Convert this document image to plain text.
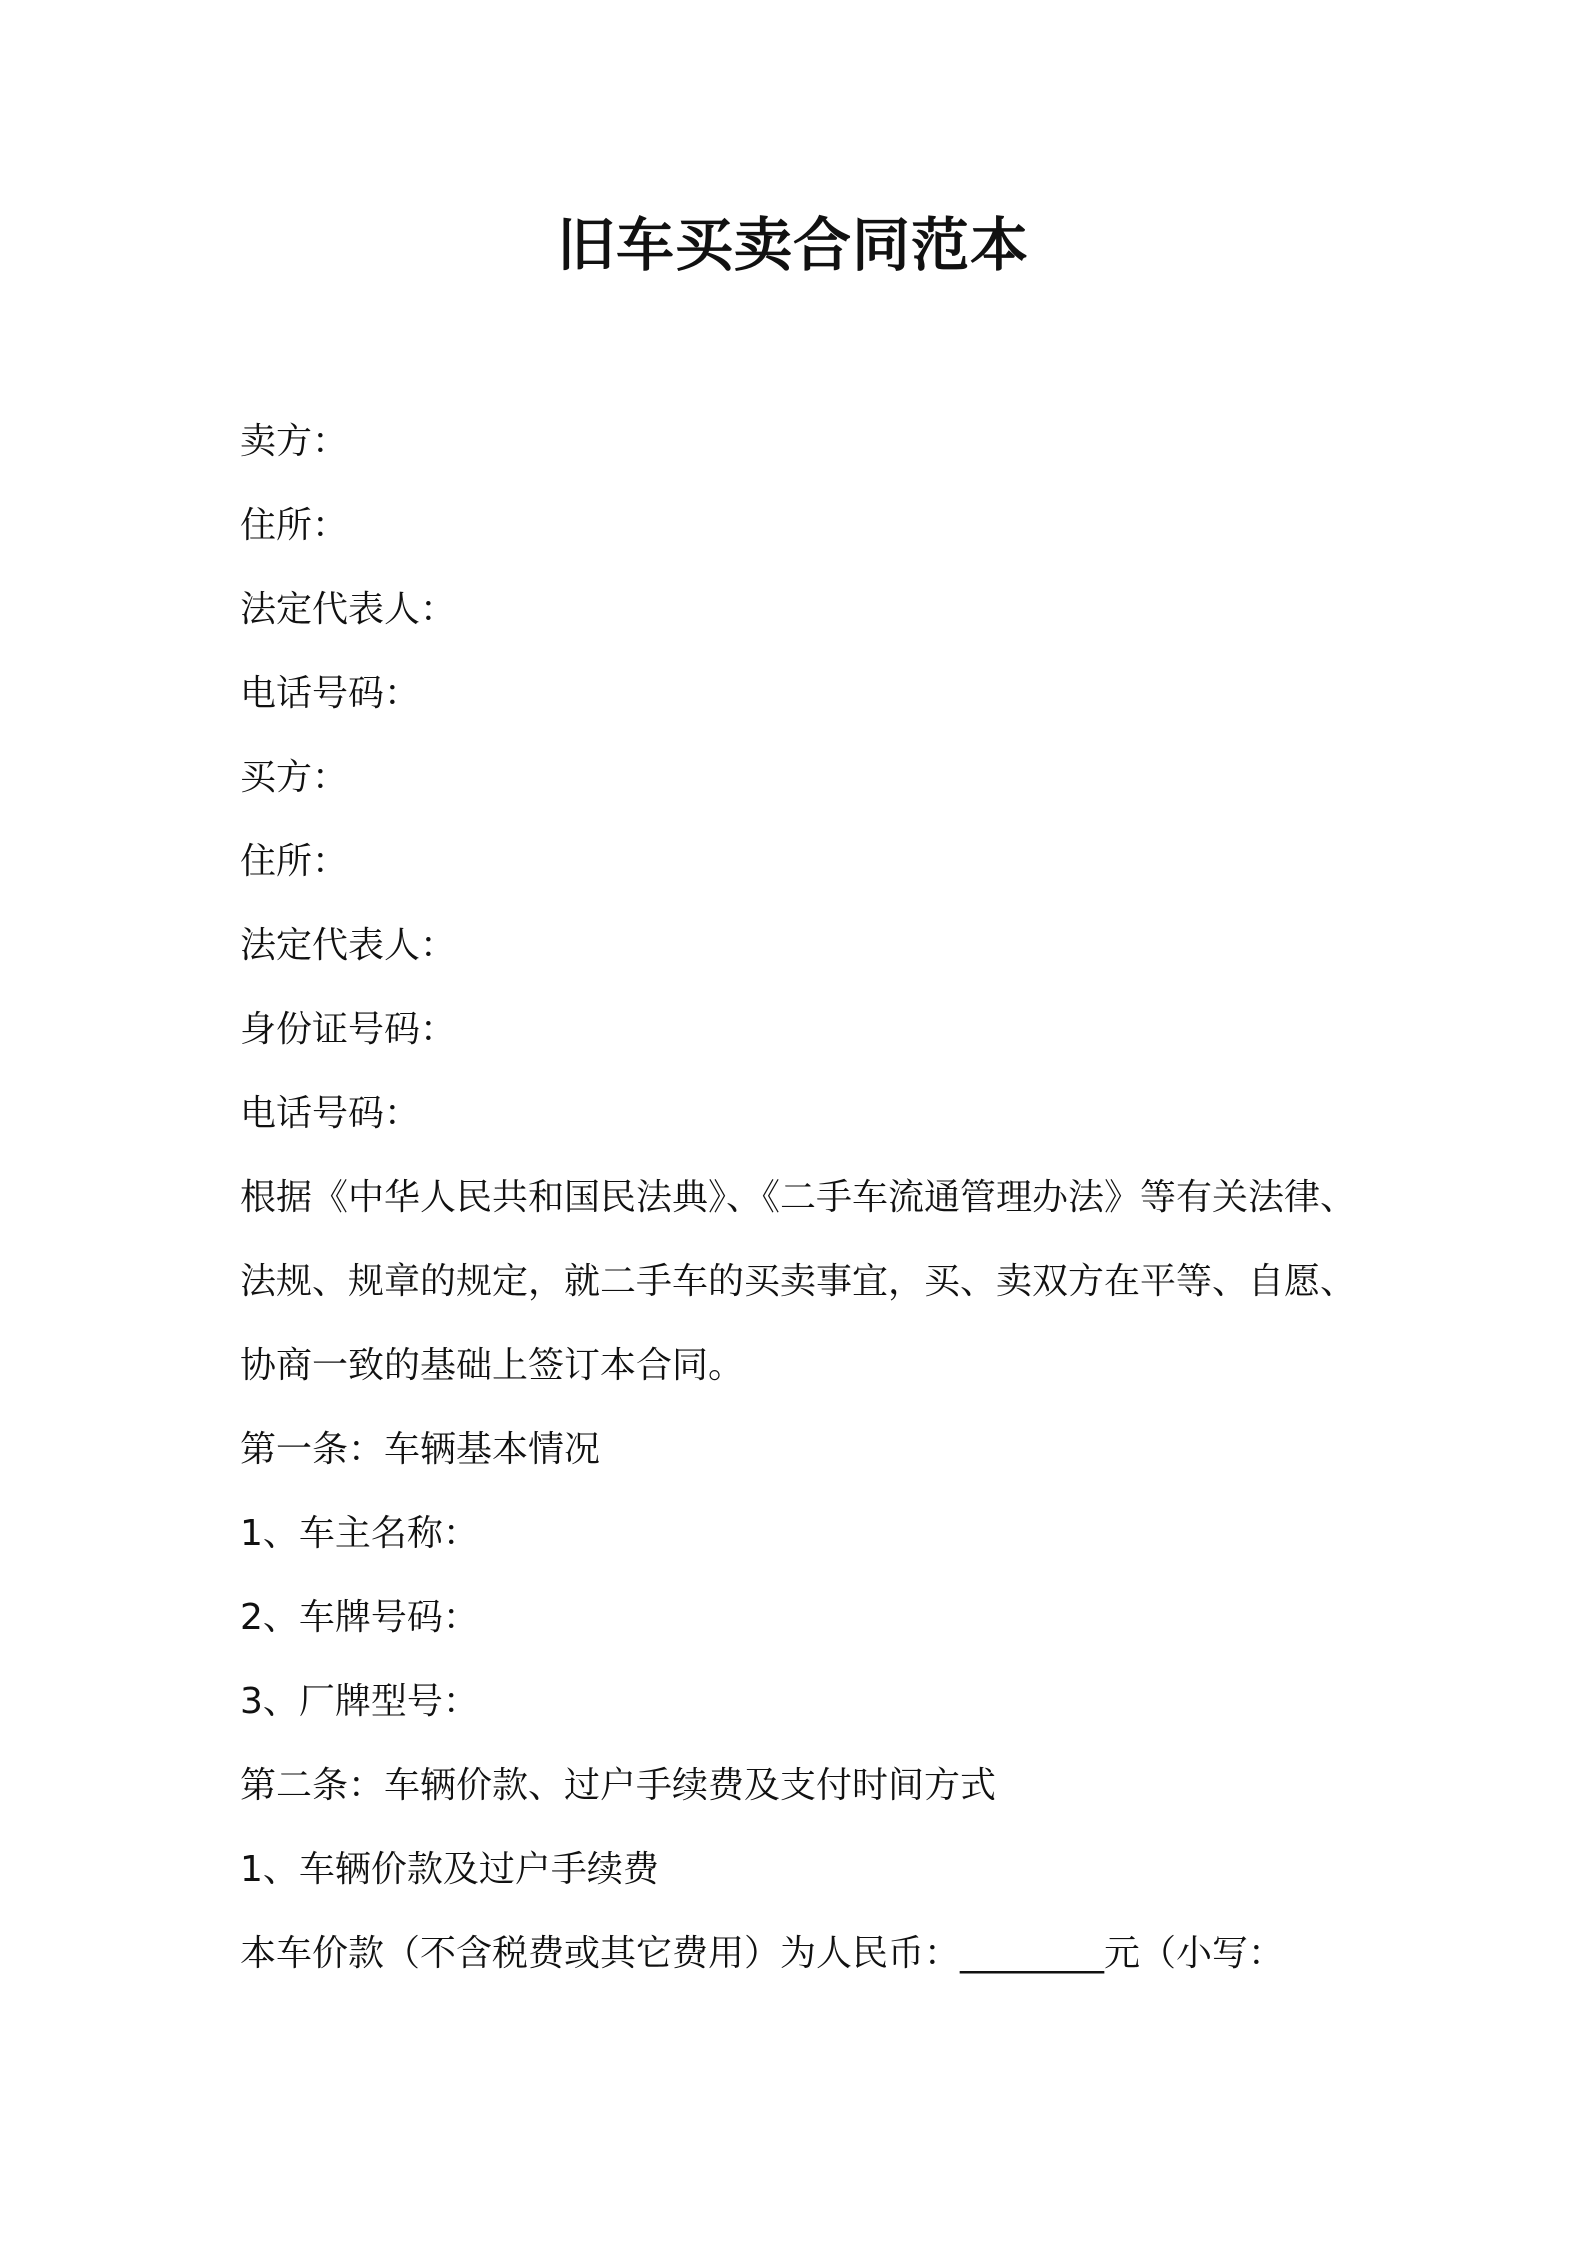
旧车买卖合同范本

卖方：

住所：

法定代表人：

电话号码：

买方：

住所：

法定代表人：

身份证号码：

电话号码：

根据《中华人民共和国民法典》、《二手车流通管理办法》等有关法律、

法规、规章的规定，就二手车的买卖事宜，买、卖双方在平等、自愿、

协商一致的基础上签订本合同。

第一条：车辆基本情况

1、车主名称：

2、车牌号码：

3、厂牌型号：

第二条：车辆价款、过户手续费及支付时间方式

1、车辆价款及过户手续费

本车价款（不含税费或其它费用）为人民币：________元（小写：
